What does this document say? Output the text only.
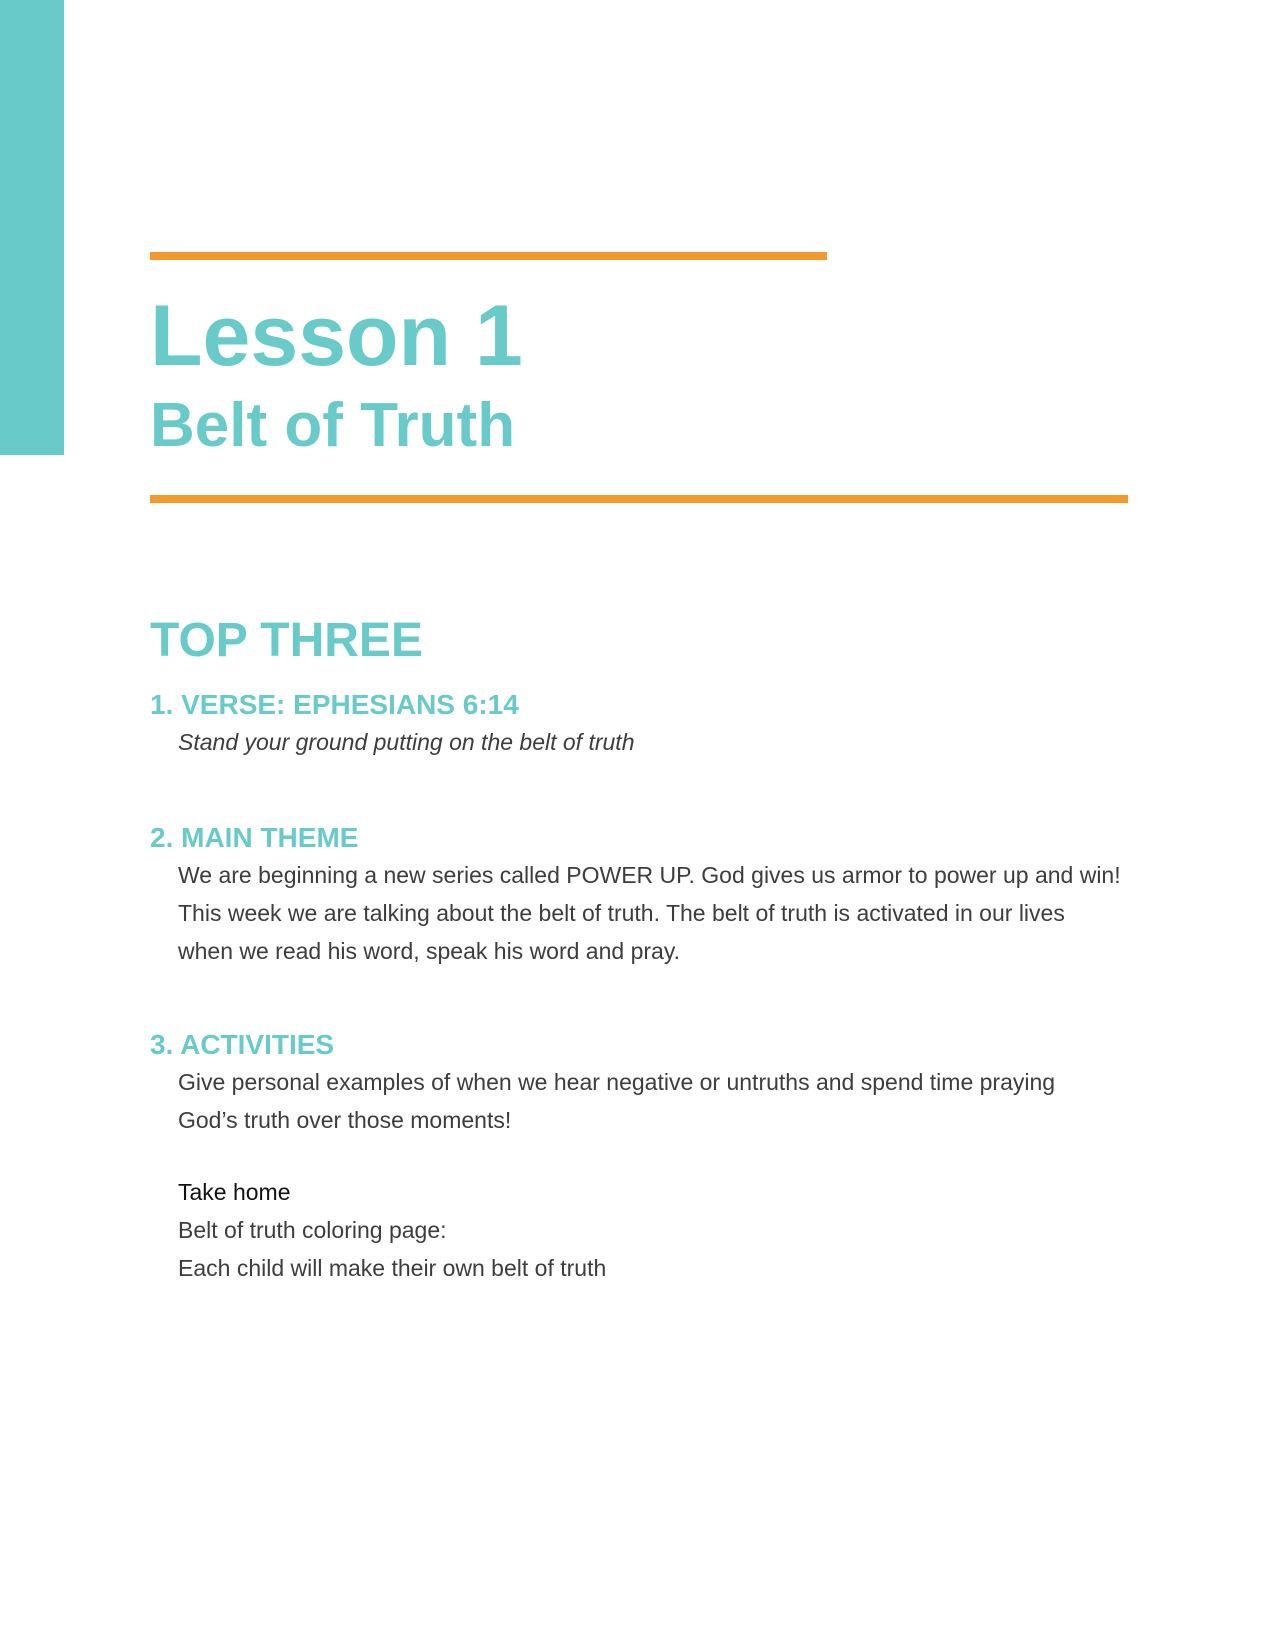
Lesson 1
Belt of Truth
TOP THREE
1. VERSE: EPHESIANS 6:14

Stand your ground putting on the belt of truth

2. MAIN THEME

We are beginning a new series called POWER UP. God gives us armor to power up and win!

This week we are talking about the belt of truth. The belt of truth is activated in our lives

when we read his word, speak his word and pray.

3. ACTIVITIES

Give personal examples of when we hear negative or untruths and spend time praying

God’s truth over those moments!

Take home

Belt of truth coloring page:

Each child will make their own belt of truth
